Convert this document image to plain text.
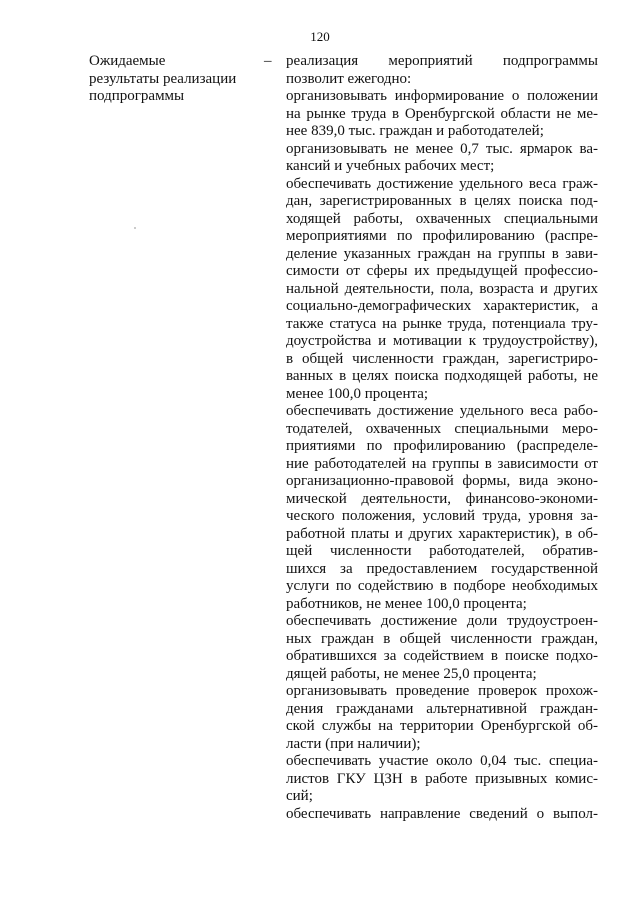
120
Ожидаемые
результаты реализации
подпрограммы
– реализация мероприятий подпрограммы
позволит ежегодно:
организовывать информирование о положении
на рынке труда в Оренбургской области не ме-
нее 839,0 тыс. граждан и работодателей;
организовывать не менее 0,7 тыс. ярмарок ва-
кансий и учебных рабочих мест;
обеспечивать достижение удельного веса граж-
дан, зарегистрированных в целях поиска под-
ходящей работы, охваченных специальными
мероприятиями по профилированию (распре-
деление указанных граждан на группы в зави-
симости от сферы их предыдущей профессио-
нальной деятельности, пола, возраста и других
социально-демографических характеристик, а
также статуса на рынке труда, потенциала тру-
доустройства и мотивации к трудоустройству),
в общей численности граждан, зарегистриро-
ванных в целях поиска подходящей работы, не
менее 100,0 процента;
обеспечивать достижение удельного веса рабо-
тодателей, охваченных специальными меро-
приятиями по профилированию (распределе-
ние работодателей на группы в зависимости от
организационно-правовой формы, вида эконо-
мической деятельности, финансово-экономи-
ческого положения, условий труда, уровня за-
работной платы и других характеристик), в об-
щей численности работодателей, обратив-
шихся за предоставлением государственной
услуги по содействию в подборе необходимых
работников, не менее 100,0 процента;
обеспечивать достижение доли трудоустроен-
ных граждан в общей численности граждан,
обратившихся за содействием в поиске подхо-
дящей работы, не менее 25,0 процента;
организовывать проведение проверок прохож-
дения гражданами альтернативной граждан-
ской службы на территории Оренбургской об-
ласти (при наличии);
обеспечивать участие около 0,04 тыс. специа-
листов ГКУ ЦЗН в работе призывных комис-
сий;
обеспечивать направление сведений о выпол-
